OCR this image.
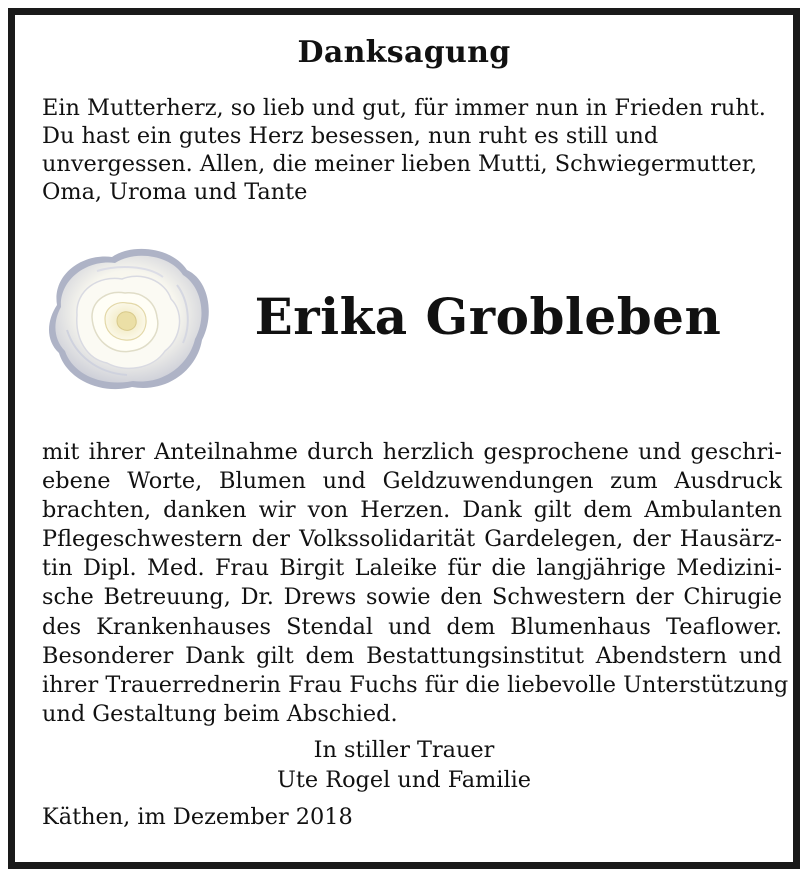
Danksagung
Ein Mutterherz, so lieb und gut, für immer nun in Frieden ruht.
Du hast ein gutes Herz besessen, nun ruht es still und
unvergessen. Allen, die meiner lieben Mutti, Schwiegermutter,
Oma, Uroma und Tante
Erika Grobleben
mit ihrer Anteilnahme durch herzlich gesprochene und geschri-
ebene Worte, Blumen und Geldzuwendungen zum Ausdruck
brachten, danken wir von Herzen. Dank gilt dem Ambulanten
Pflegeschwestern der Volkssolidarität Gardelegen, der Hausärz-
tin Dipl. Med. Frau Birgit Laleike für die langjährige Medizini-
sche Betreuung, Dr. Drews sowie den Schwestern der Chirugie
des Krankenhauses Stendal und dem Blumenhaus Teaflower.
Besonderer Dank gilt dem Bestattungsinstitut Abendstern und
ihrer Trauerrednerin Frau Fuchs für die liebevolle Unterstützung
und Gestaltung beim Abschied.
In stiller Trauer
Ute Rogel und Familie
Käthen, im Dezember 2018
